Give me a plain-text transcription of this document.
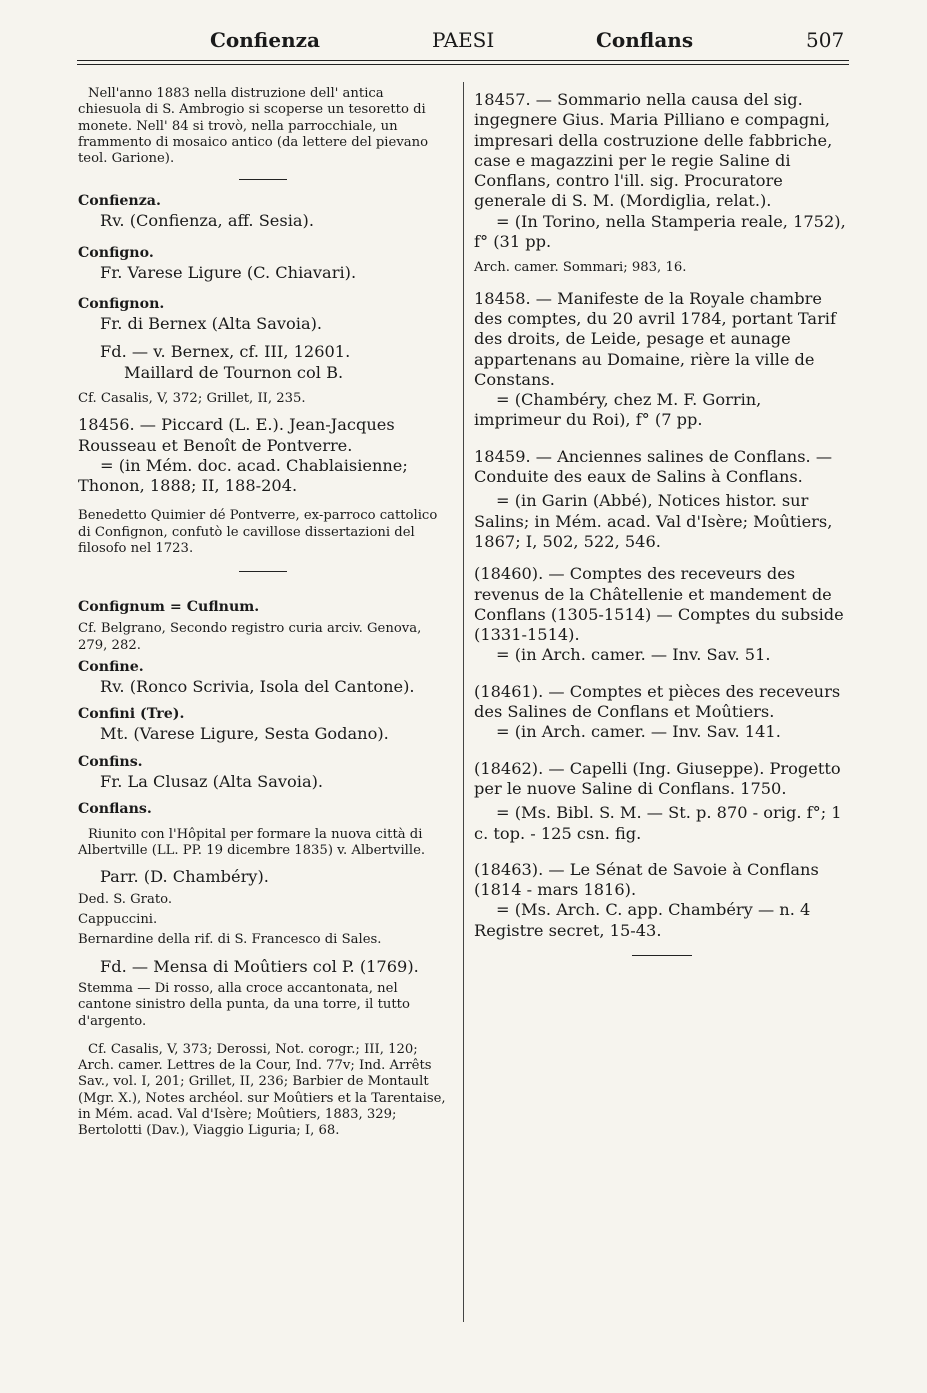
Confienza	PAESI	Conflans	507

Nell'anno 1883 nella distruzione dell' antica chiesuola di S. Ambrogio si scoperse un tesoretto di monete. Nell' 84 si trovò, nella parrocchiale, un frammento di mosaico antico (da lettere del pievano teol. Garione).

Confienza.

Rv. (Confienza, aff. Sesia).

Configno.

Fr. Varese Ligure (C. Chiavari).

Confignon.

Fr. di Bernex (Alta Savoia).

Fd. — v. Bernex, cf. III, 12601.

Maillard de Tournon col B.

Cf. Casalis, V, 372; Grillet, II, 235.

18456. — Piccard (L. E.). Jean-Jacques Rousseau et Benoît de Pontverre.

= (in Mém. doc. acad. Chablaisienne; Thonon, 1888; II, 188-204.

Benedetto Quimier dé Pontverre, ex-parroco cattolico di Confignon, confutò le cavillose dissertazioni del filosofo nel 1723.

Confignum = Cuflnum.

Cf. Belgrano, Secondo registro curia arciv. Genova, 279, 282.

Confine.

Rv. (Ronco Scrivia, Isola del Cantone).

Confini (Tre).

Mt. (Varese Ligure, Sesta Godano).

Confins.

Fr. La Clusaz (Alta Savoia).

Conflans.

Riunito con l'Hôpital per formare la nuova città di Albertville (LL. PP. 19 dicembre 1835) v. Albertville.

Parr. (D. Chambéry).

Ded. S. Grato.

Cappuccini.

Bernardine della rif. di S. Francesco di Sales.

Fd. — Mensa di Moûtiers col P. (1769).

Stemma — Di rosso, alla croce accantonata, nel cantone sinistro della punta, da una torre, il tutto d'argento.

Cf. Casalis, V, 373; Derossi, Not. corogr.; III, 120; Arch. camer. Lettres de la Cour, Ind. 77v; Ind. Arrêts Sav., vol. I, 201; Grillet, II, 236; Barbier de Montault (Mgr. X.), Notes archéol. sur Moûtiers et la Tarentaise, in Mém. acad. Val d'Isère; Moûtiers, 1883, 329; Bertolotti (Dav.), Viaggio Liguria; I, 68.

18457. — Sommario nella causa del sig. ingegnere Gius. Maria Pilliano e compagni, impresari della costruzione delle fabbriche, case e magazzini per le regie Saline di Conflans, contro l'ill. sig. Procuratore generale di S. M. (Mordiglia, relat.).

= (In Torino, nella Stamperia reale, 1752), f° (31 pp.

Arch. camer. Sommari; 983, 16.

18458. — Manifeste de la Royale chambre des comptes, du 20 avril 1784, portant Tarif des droits, de Leide, pesage et aunage appartenans au Domaine, rière la ville de Constans.

= (Chambéry, chez M. F. Gorrin, imprimeur du Roi), f° (7 pp.

18459. — Anciennes salines de Conflans. — Conduite des eaux de Salins à Conflans.

= (in Garin (Abbé), Notices histor. sur Salins; in Mém. acad. Val d'Isère; Moûtiers, 1867; I, 502, 522, 546.

(18460). — Comptes des receveurs des revenus de la Châtellenie et mandement de Conflans (1305-1514) — Comptes du subside (1331-1514).

= (in Arch. camer. — Inv. Sav. 51.

(18461). — Comptes et pièces des receveurs des Salines de Conflans et Moûtiers.

= (in Arch. camer. — Inv. Sav. 141.

(18462). — Capelli (Ing. Giuseppe). Progetto per le nuove Saline di Conflans. 1750.

= (Ms. Bibl. S. M. — St. p. 870 - orig. f°; 1 c. top. - 125 csn. fig.

(18463). — Le Sénat de Savoie à Conflans (1814 - mars 1816).

= (Ms. Arch. C. app. Chambéry — n. 4 Registre secret, 15-43.
